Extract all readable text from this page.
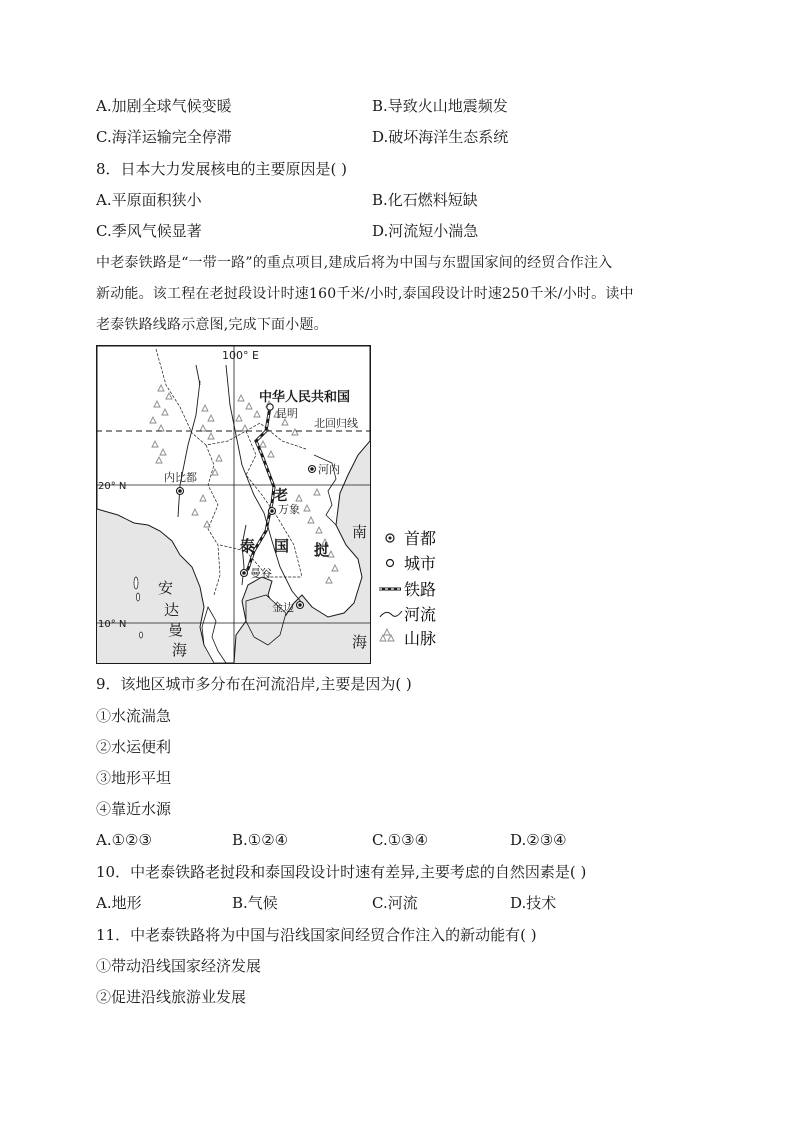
A.加剧全球气候变暖	B.导致火山地震频发
C.海洋运输完全停滞	D.破坏海洋生态系统
8．日本大力发展核电的主要原因是( )
A.平原面积狭小	B.化石燃料短缺
C.季风气候显著	D.河流短小湍急
中老泰铁路是“一带一路”的重点项目,建成后将为中国与东盟国家间的经贸合作注入
新动能。该工程在老挝段设计时速160千米/小时,泰国段设计时速250千米/小时。读中
老泰铁路线路示意图,完成下面小题。
100° E
20° N
10° N
北回归线
中华人民共和国
昆明
河内
内比都
老
万象
泰 国 挝
曼谷
金边
安
达
曼
海
南
海
首都
城市
铁路
河流
山脉
9．该地区城市多分布在河流沿岸,主要是因为( )
①水流湍急
②水运便利
③地形平坦
④靠近水源
A.①②③	B.①②④	C.①③④	D.②③④
10．中老泰铁路老挝段和泰国段设计时速有差异,主要考虑的自然因素是( )
A.地形	B.气候	C.河流	D.技术
11．中老泰铁路将为中国与沿线国家间经贸合作注入的新动能有( )
①带动沿线国家经济发展
②促进沿线旅游业发展
